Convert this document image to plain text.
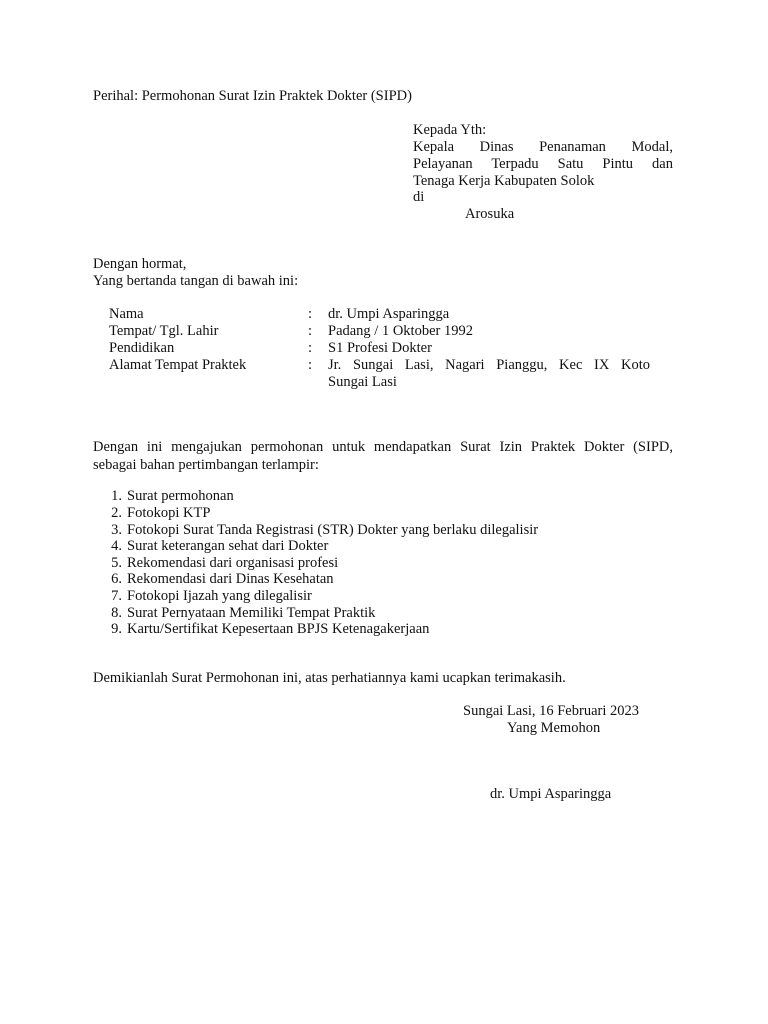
Perihal: Permohonan Surat Izin Praktek Dokter (SIPD)
Kepada Yth:
Kepala Dinas Penanaman Modal,
Pelayanan Terpadu Satu Pintu dan
Tenaga Kerja Kabupaten Solok
di
Arosuka
Dengan hormat,
Yang bertanda tangan di bawah ini:
Nama	: dr. Umpi Asparingga
Tempat/ Tgl. Lahir	: Padang / 1 Oktober 1992
Pendidikan	: S1 Profesi Dokter
Alamat Tempat Praktek	: Jr. Sungai Lasi, Nagari Pianggu, Kec IX Koto
Sungai Lasi
Dengan ini mengajukan permohonan untuk mendapatkan Surat Izin Praktek Dokter (SIPD,
sebagai bahan pertimbangan terlampir:
1. Surat permohonan
2. Fotokopi KTP
3. Fotokopi Surat Tanda Registrasi (STR) Dokter yang berlaku dilegalisir
4. Surat keterangan sehat dari Dokter
5. Rekomendasi dari organisasi profesi
6. Rekomendasi dari Dinas Kesehatan
7. Fotokopi Ijazah yang dilegalisir
8. Surat Pernyataan Memiliki Tempat Praktik
9. Kartu/Sertifikat Kepesertaan BPJS Ketenagakerjaan
Demikianlah Surat Permohonan ini, atas perhatiannya kami ucapkan terimakasih.
Sungai Lasi, 16 Februari 2023
Yang Memohon
dr. Umpi Asparingga
